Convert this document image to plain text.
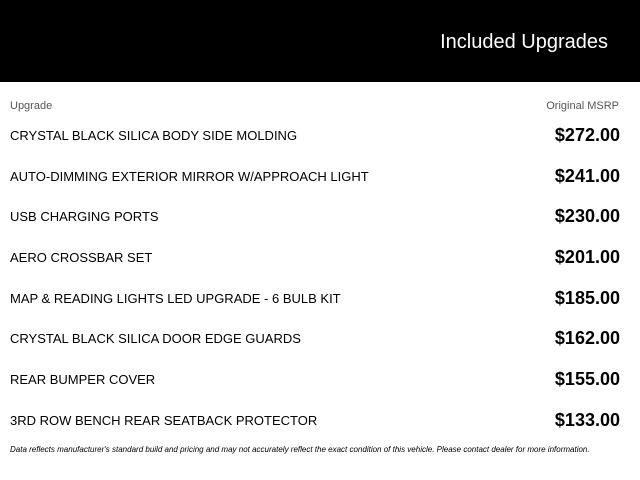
Included Upgrades
Upgrade	Original MSRP
CRYSTAL BLACK SILICA BODY SIDE MOLDING	$272.00
AUTO-DIMMING EXTERIOR MIRROR W/APPROACH LIGHT	$241.00
USB CHARGING PORTS	$230.00
AERO CROSSBAR SET	$201.00
MAP & READING LIGHTS LED UPGRADE - 6 BULB KIT	$185.00
CRYSTAL BLACK SILICA DOOR EDGE GUARDS	$162.00
REAR BUMPER COVER	$155.00
3RD ROW BENCH REAR SEATBACK PROTECTOR	$133.00
Data reflects manufacturer's standard build and pricing and may not accurately reflect the exact condition of this vehicle. Please contact dealer for more information.
